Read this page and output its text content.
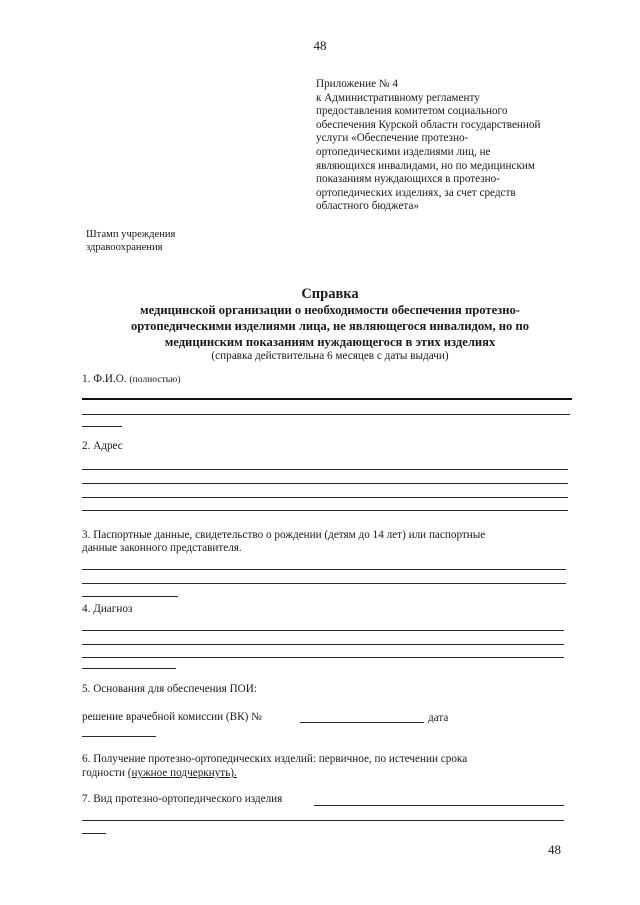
48
Приложение № 4
к Административному регламенту
предоставления комитетом социального
обеспечения Курской области государственной
услуги «Обеспечение протезно-
ортопедическими изделиями лиц, не
являющихся инвалидами, но по медицинским
показаниям нуждающихся в протезно-
ортопедических изделиях, за счет средств
областного бюджета»
Штамп учреждения
здравоохранения
Справка
медицинской организации о необходимости обеспечения протезно-
ортопедическими изделиями лица, не являющегося инвалидом, но по
медицинским показаниям нуждающегося в этих изделиях
(справка действительна 6 месяцев с даты выдачи)
1. Ф.И.О. (полностью)
2. Адрес
3. Паспортные данные, свидетельство о рождении (детям до 14 лет) или паспортные
данные законного представителя.
4. Диагноз
5. Основания для обеспечения ПОИ:
решение врачебной комиссии (ВК) №	дата
6. Получение протезно-ортопедических изделий: первичное, по истечении срока
годности (нужное подчеркнуть).
7. Вид протезно-ортопедического изделия
48
